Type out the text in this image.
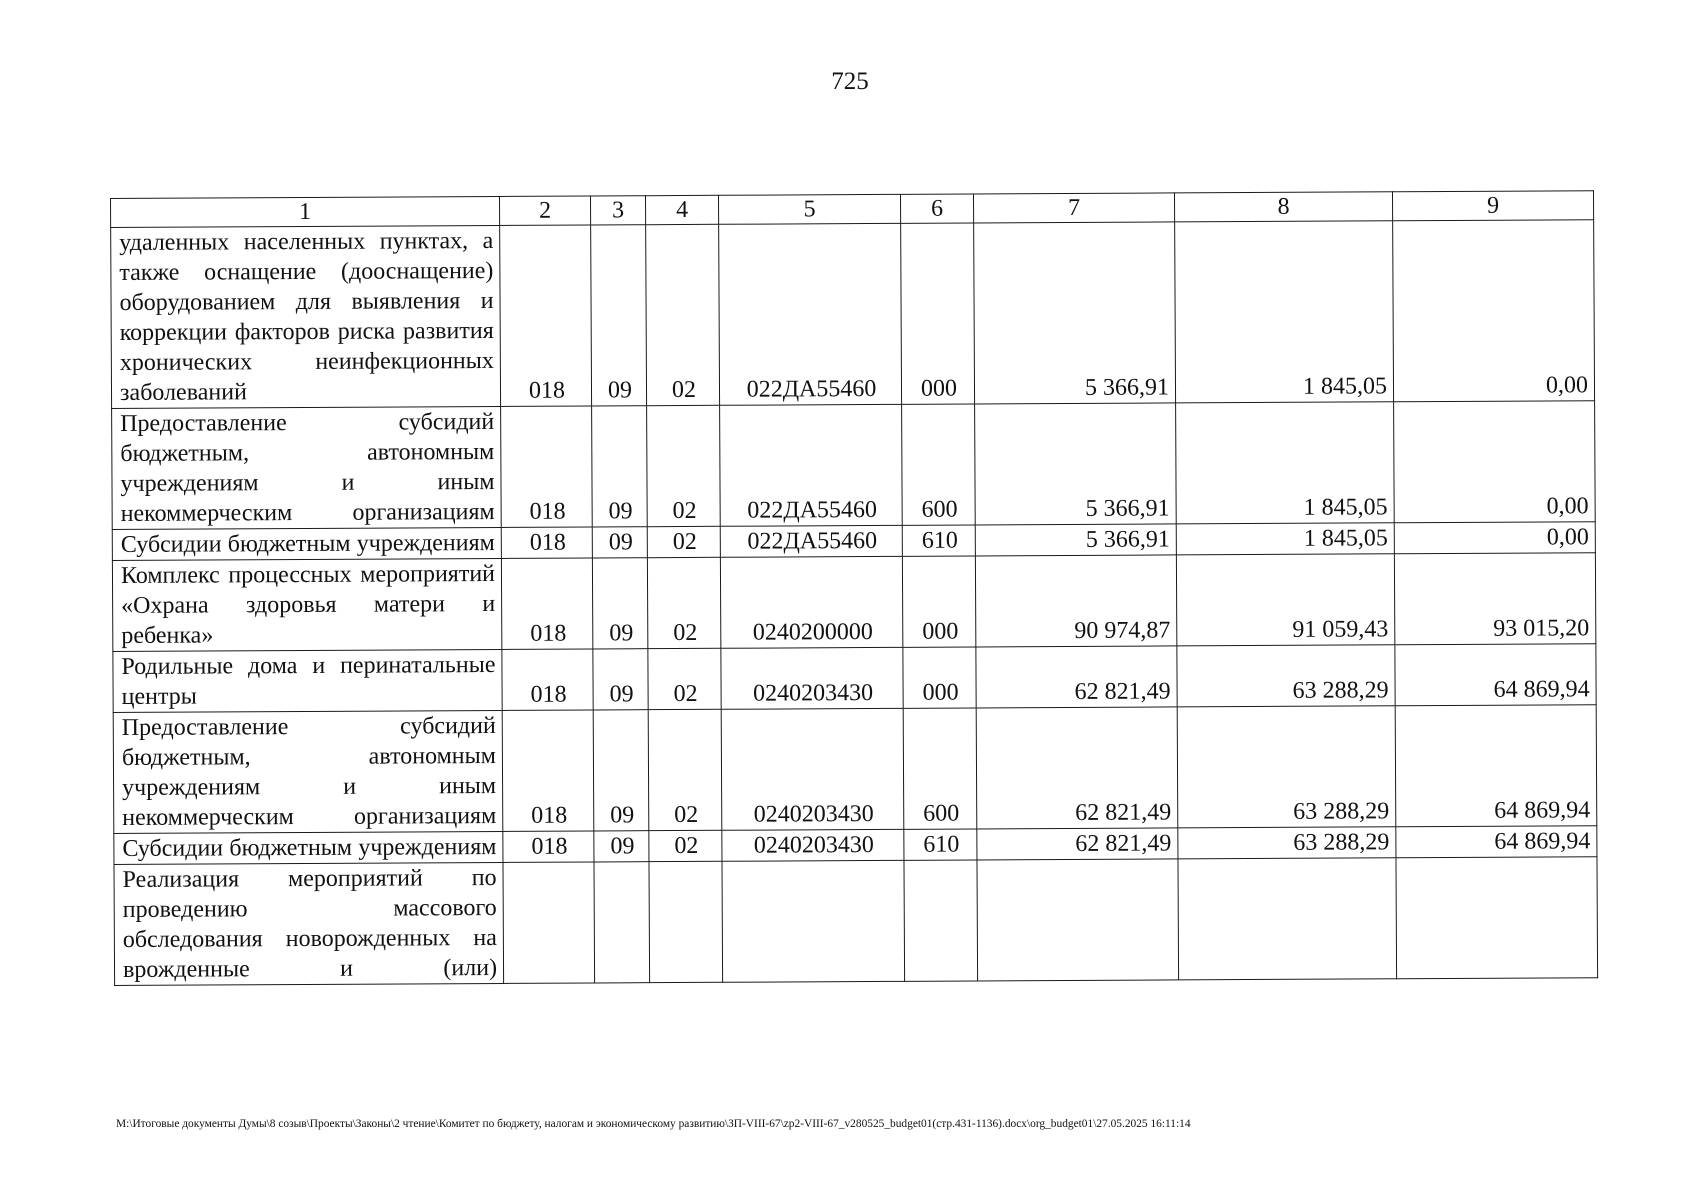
725
1	2	3	4	5	6	7	8	9
удаленных населенных пунктах, а также оснащение (дооснащение) оборудованием для выявления и коррекции факторов риска развития хронических неинфекционных заболеваний	018	09	02	022ДА55460	000	5 366,91	1 845,05	0,00
Предоставление субсидий бюджетным, автономным учреждениям и иным некоммерческим организациям	018	09	02	022ДА55460	600	5 366,91	1 845,05	0,00
Субсидии бюджетным учреждениям	018	09	02	022ДА55460	610	5 366,91	1 845,05	0,00
Комплекс процессных мероприятий «Охрана здоровья матери и ребенка»	018	09	02	0240200000	000	90 974,87	91 059,43	93 015,20
Родильные дома и перинатальные центры	018	09	02	0240203430	000	62 821,49	63 288,29	64 869,94
Предоставление субсидий бюджетным, автономным учреждениям и иным некоммерческим организациям	018	09	02	0240203430	600	62 821,49	63 288,29	64 869,94
Субсидии бюджетным учреждениям	018	09	02	0240203430	610	62 821,49	63 288,29	64 869,94
Реализация мероприятий по проведению массового обследования новорожденных на врожденные и (или)								
M:\Итоговые документы Думы\8 созыв\Проекты\Законы\2 чтение\Комитет по бюджету, налогам и экономическому развитию\ЗП-VIII-67\zp2-VIII-67_v280525_budget01(стр.431-1136).docx\org_budget01\27.05.2025 16:11:14
